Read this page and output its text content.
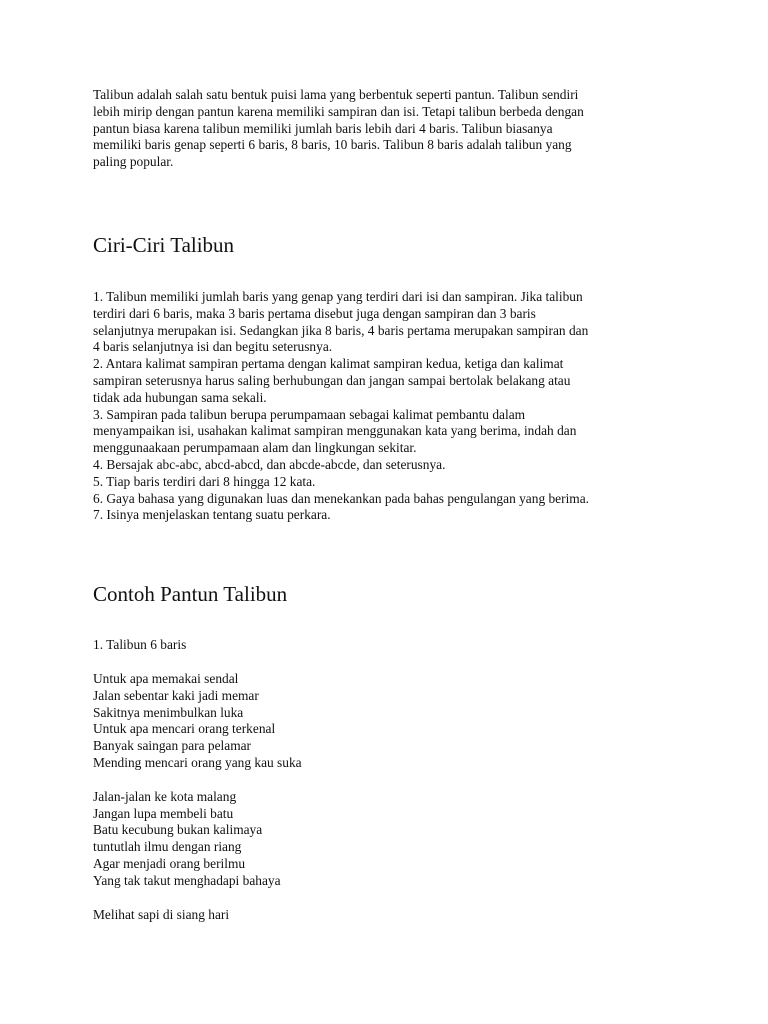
Talibun adalah salah satu bentuk puisi lama yang berbentuk seperti pantun. Talibun sendiri
lebih mirip dengan pantun karena memiliki sampiran dan isi. Tetapi talibun berbeda dengan
pantun biasa karena talibun memiliki jumlah baris lebih dari 4 baris. Talibun biasanya
memiliki baris genap seperti 6 baris, 8 baris, 10 baris. Talibun 8 baris adalah talibun yang
paling popular.

Ciri-Ciri Talibun

1. Talibun memiliki jumlah baris yang genap yang terdiri dari isi dan sampiran. Jika talibun
terdiri dari 6 baris, maka 3 baris pertama disebut juga dengan sampiran dan 3 baris
selanjutnya merupakan isi. Sedangkan jika 8 baris, 4 baris pertama merupakan sampiran dan
4 baris selanjutnya isi dan begitu seterusnya.
2. Antara kalimat sampiran pertama dengan kalimat sampiran kedua, ketiga dan kalimat
sampiran seterusnya harus saling berhubungan dan jangan sampai bertolak belakang atau
tidak ada hubungan sama sekali.
3. Sampiran pada talibun berupa perumpamaan sebagai kalimat pembantu dalam
menyampaikan isi, usahakan kalimat sampiran menggunakan kata yang berima, indah dan
menggunaakaan perumpamaan alam dan lingkungan sekitar.
4. Bersajak abc-abc, abcd-abcd, dan abcde-abcde, dan seterusnya.
5. Tiap baris terdiri dari 8 hingga 12 kata.
6. Gaya bahasa yang digunakan luas dan menekankan pada bahas pengulangan yang berima.
7. Isinya menjelaskan tentang suatu perkara.

Contoh Pantun Talibun

1. Talibun 6 baris

Untuk apa memakai sendal
Jalan sebentar kaki jadi memar
Sakitnya menimbulkan luka
Untuk apa mencari orang terkenal
Banyak saingan para pelamar
Mending mencari orang yang kau suka

Jalan-jalan ke kota malang
Jangan lupa membeli batu
Batu kecubung bukan kalimaya
tuntutlah ilmu dengan riang
Agar menjadi orang berilmu
Yang tak takut menghadapi bahaya

Melihat sapi di siang hari
